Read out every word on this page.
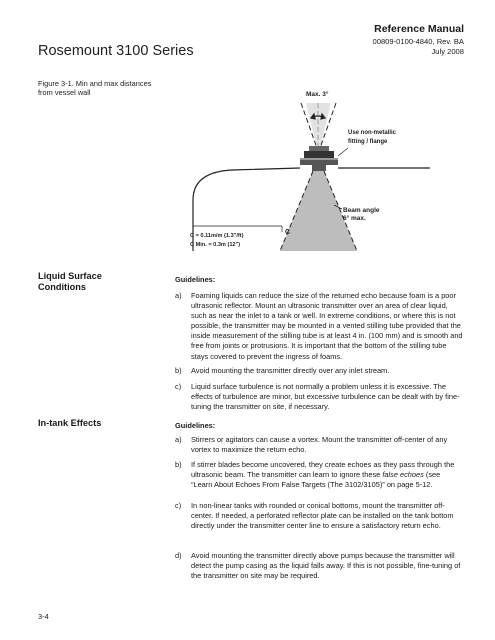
Rosemount 3100 Series
Reference Manual
00809-0100-4840, Rev. BA
July 2008
Figure 3-1. Min and max distances from vessel wall	Max. 3°
Use non-metallic
fitting / flange
Beam angle
6° max.
C
C = 0.11m/m (1.3"/ft)
C Min. = 0.3m (12")
Liquid Surface
Conditions
Guidelines:
a)	Foaming liquids can reduce the size of the returned echo because foam is a poor ultrasonic reflector. Mount an ultrasonic transmitter over an area of clear liquid, such as near the inlet to a tank or well. In extreme conditions, or where this is not possible, the transmitter may be mounted in a vented stilling tube provided that the inside measurement of the stilling tube is at least 4 in. (100 mm) and is smooth and free from joints or protrusions. It is important that the bottom of the stilling tube stays covered to prevent the ingress of foams.
b)	Avoid mounting the transmitter directly over any inlet stream.
c)	Liquid surface turbulence is not normally a problem unless it is excessive. The effects of turbulence are minor, but excessive turbulence can be dealt with by fine-tuning the transmitter on site, if necessary.
In-tank Effects	Guidelines:
a)	Stirrers or agitators can cause a vortex. Mount the transmitter off-center of any vortex to maximize the return echo.
b)	If stirrer blades become uncovered, they create echoes as they pass through the ultrasonic beam. The transmitter can learn to ignore these false echoes (see “Learn About Echoes From False Targets (The 3102/3105)” on page 5-12.
c)	In non-linear tanks with rounded or conical bottoms, mount the transmitter off-center. If needed, a perforated reflector plate can be installed on the tank bottom directly under the transmitter center line to ensure a satisfactory return echo.
d)	Avoid mounting the transmitter directly above pumps because the transmitter will detect the pump casing as the liquid falls away. If this is not possible, fine-tuning of the transmitter on site may be required.
3-4
